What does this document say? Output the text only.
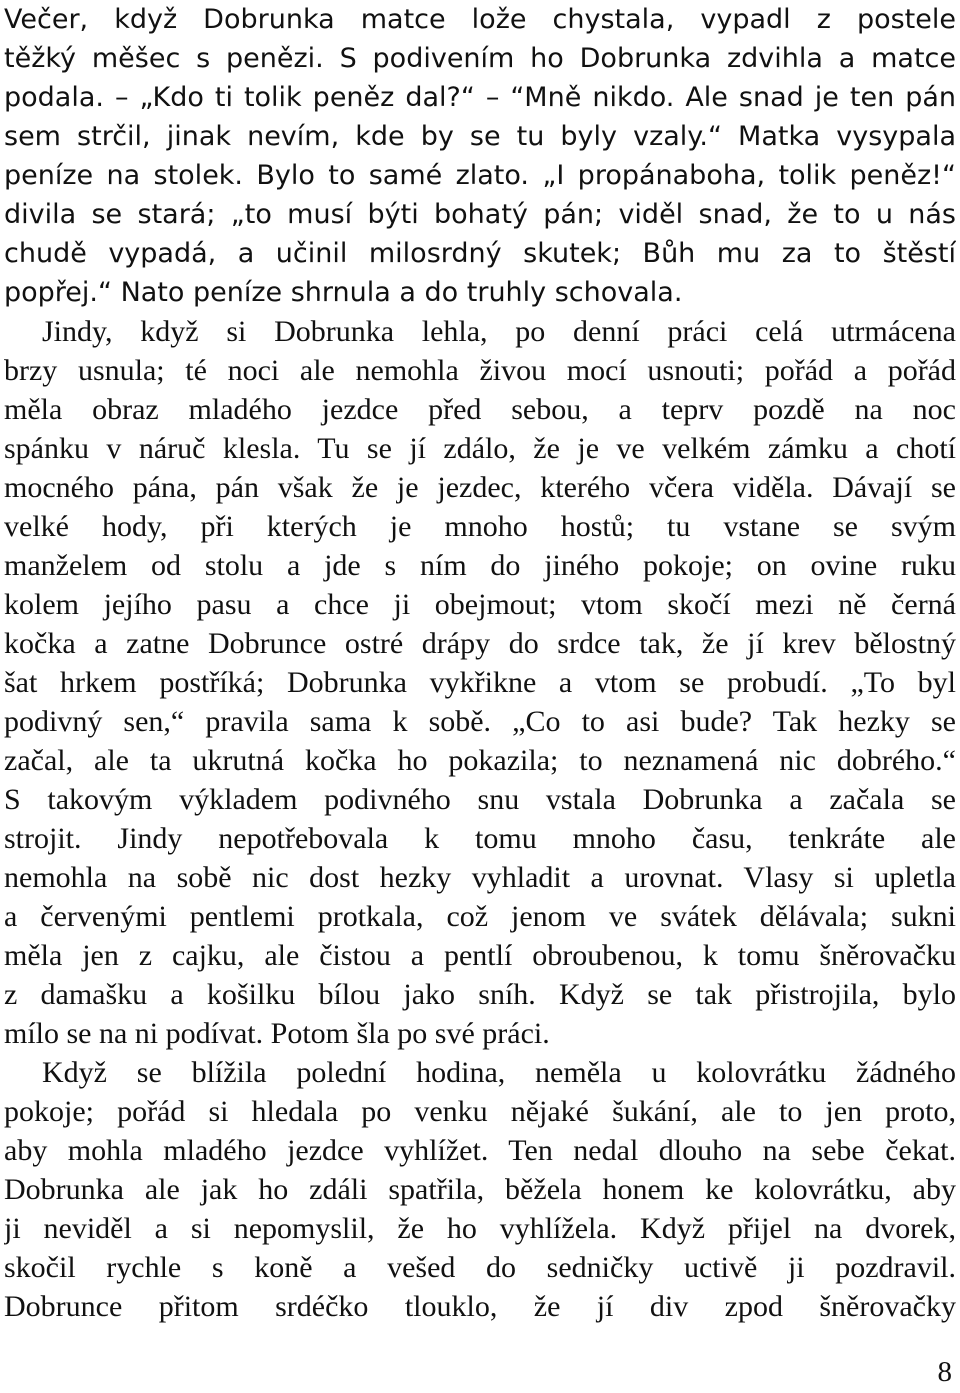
Večer, když Dobrunka matce lože chystala, vypadl z postele
těžký měšec s penězi. S podivením ho Dobrunka zdvihla a matce
podala. – „Kdo ti tolik peněz dal?“ – “Mně nikdo. Ale snad je ten pán
sem strčil, jinak nevím, kde by se tu byly vzaly.“ Matka vysypala
peníze na stolek. Bylo to samé zlato. „I propánaboha, tolik peněz!“
divila se stará; „to musí býti bohatý pán; viděl snad, že to u nás
chudě vypadá, a učinil milosrdný skutek; Bůh mu za to štěstí
popřej.“ Nato peníze shrnula a do truhly schovala.
Jindy, když si Dobrunka lehla, po denní práci celá utrmácena
brzy usnula; té noci ale nemohla živou mocí usnouti; pořád a pořád
měla obraz mladého jezdce před sebou, a teprv pozdě na noc
spánku v náruč klesla. Tu se jí zdálo, že je ve velkém zámku a chotí
mocného pána, pán však že je jezdec, kterého včera viděla. Dávají se
velké hody, při kterých je mnoho hostů; tu vstane se svým
manželem od stolu a jde s ním do jiného pokoje; on ovine ruku
kolem jejího pasu a chce ji obejmout; vtom skočí mezi ně černá
kočka a zatne Dobrunce ostré drápy do srdce tak, že jí krev bělostný
šat hrkem postříká; Dobrunka vykřikne a vtom se probudí. „To byl
podivný sen,“ pravila sama k sobě. „Co to asi bude? Tak hezky se
začal, ale ta ukrutná kočka ho pokazila; to neznamená nic dobrého.“
S takovým výkladem podivného snu vstala Dobrunka a začala se
strojit. Jindy nepotřebovala k tomu mnoho času, tenkráte ale
nemohla na sobě nic dost hezky vyhladit a urovnat. Vlasy si upletla
a červenými pentlemi protkala, což jenom ve svátek dělávala; sukni
měla jen z cajku, ale čistou a pentlí obroubenou, k tomu šněrovačku
z damašku a košilku bílou jako sníh. Když se tak přistrojila, bylo
mílo se na ni podívat. Potom šla po své práci.
Když se blížila polední hodina, neměla u kolovrátku žádného
pokoje; pořád si hledala po venku nějaké šukání, ale to jen proto,
aby mohla mladého jezdce vyhlížet. Ten nedal dlouho na sebe čekat.
Dobrunka ale jak ho zdáli spatřila, běžela honem ke kolovrátku, aby
ji neviděl a si nepomyslil, že ho vyhlížela. Když přijel na dvorek,
skočil rychle s koně a vešed do sedničky uctivě ji pozdravil.
Dobrunce přitom srdéčko tlouklo, že jí div zpod šněrovačky
8
